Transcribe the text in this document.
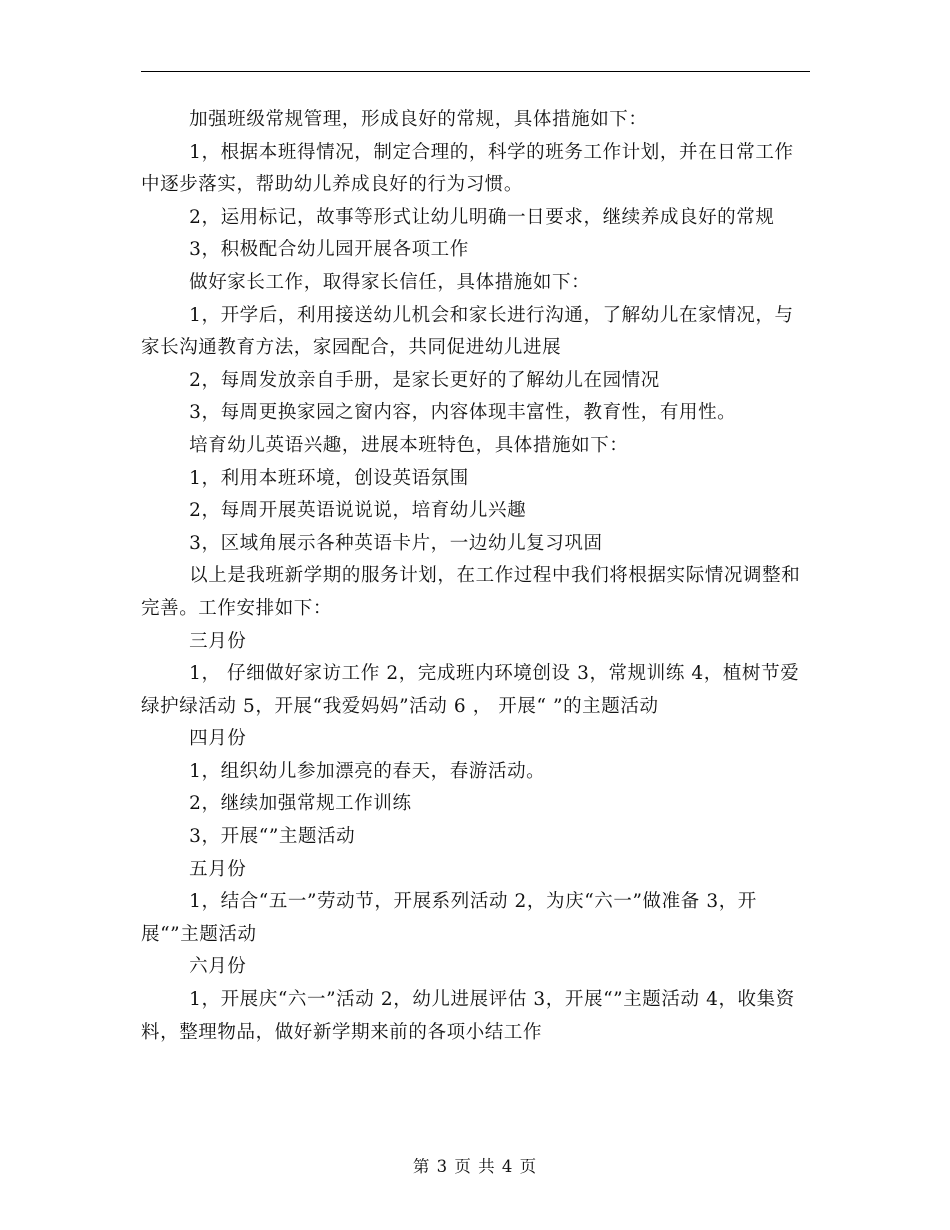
加强班级常规管理，形成良好的常规，具体措施如下：

1，根据本班得情况，制定合理的，科学的班务工作计划，并在日常工作中逐步落实，帮助幼儿养成良好的行为习惯。

2，运用标记，故事等形式让幼儿明确一日要求，继续养成良好的常规

3，积极配合幼儿园开展各项工作

做好家长工作，取得家长信任，具体措施如下：

1，开学后，利用接送幼儿机会和家长进行沟通，了解幼儿在家情况，与家长沟通教育方法，家园配合，共同促进幼儿进展

2，每周发放亲自手册，是家长更好的了解幼儿在园情况

3，每周更换家园之窗内容，内容体现丰富性，教育性，有用性。

培育幼儿英语兴趣，进展本班特色，具体措施如下：

1，利用本班环境，创设英语氛围

2，每周开展英语说说说，培育幼儿兴趣

3，区域角展示各种英语卡片，一边幼儿复习巩固

以上是我班新学期的服务计划，在工作过程中我们将根据实际情况调整和完善。工作安排如下：

三月份

1， 仔细做好家访工作 2，完成班内环境创设 3，常规训练 4，植树节爱绿护绿活动 5，开展“我爱妈妈”活动 6 ， 开展“ ”的主题活动

四月份

1，组织幼儿参加漂亮的春天，春游活动。

2，继续加强常规工作训练

3，开展“”主题活动

五月份

1，结合“五一”劳动节，开展系列活动 2，为庆“六一”做准备 3，开展“”主题活动

六月份

1，开展庆“六一”活动 2，幼儿进展评估 3，开展“”主题活动 4，收集资料，整理物品，做好新学期来前的各项小结工作

第 3 页 共 4 页
